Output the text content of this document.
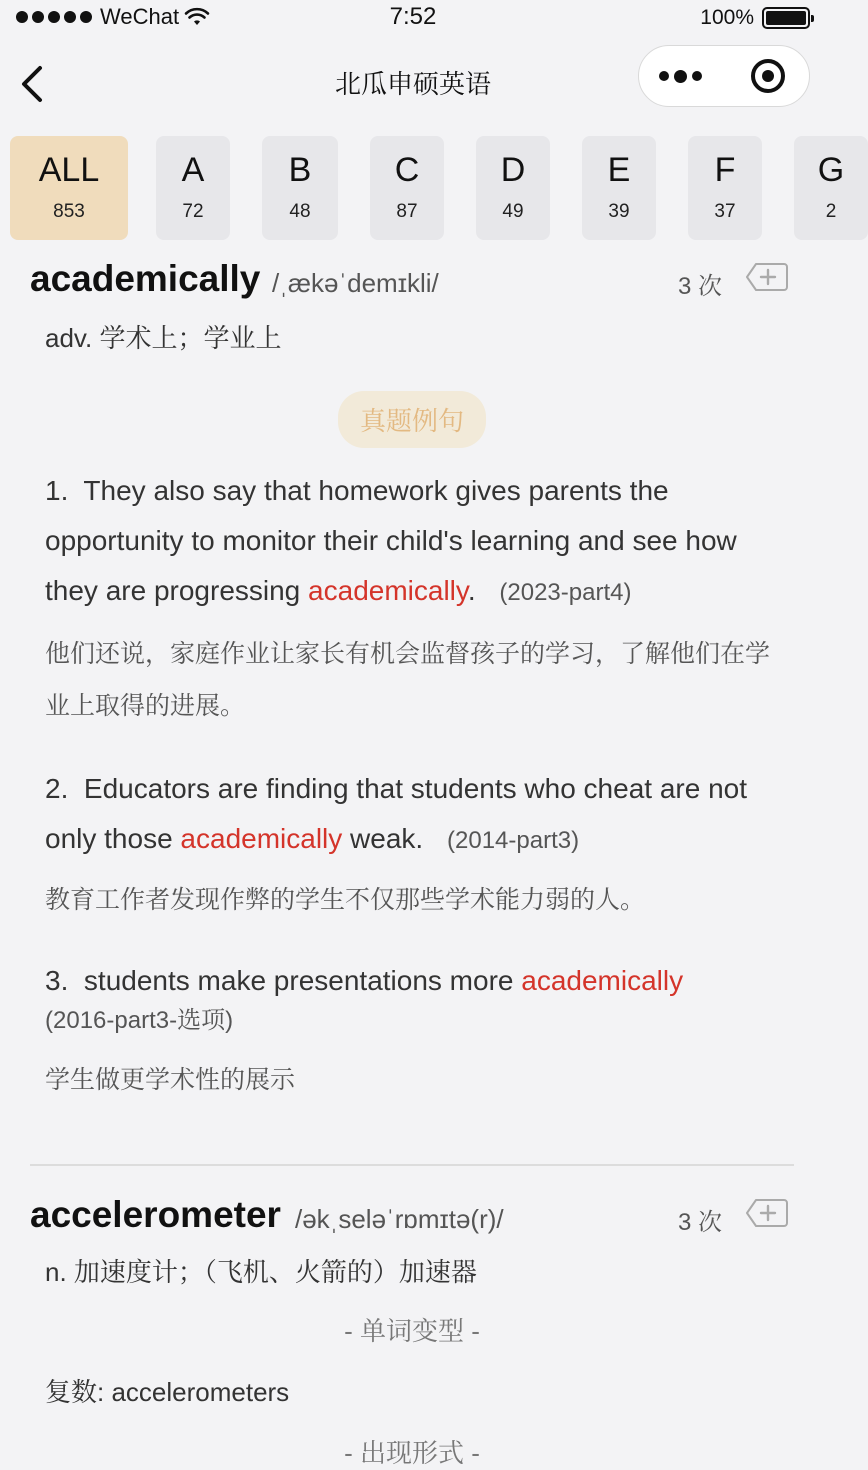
WeChat	7:52	100%
北瓜申硕英语
ALL
853
A
72
B
48
C
87
D
49
E
39
F
37
G
2
academically /ˌækəˈdemɪkli/	3 次
adv. 学术上；学业上
真题例句
1. They also say that homework gives parents the opportunity to monitor their child's learning and see how they are progressing academically. (2023-part4)
他们还说，家庭作业让家长有机会监督孩子的学习，了解他们在学业上取得的进展。
2. Educators are finding that students who cheat are not only those academically weak. (2014-part3)
教育工作者发现作弊的学生不仅那些学术能力弱的人。
3. students make presentations more academically
(2016-part3-选项)
学生做更学术性的展示
accelerometer /əkˌseləˈrɒmɪtə(r)/	3 次
n. 加速度计；（飞机、火箭的）加速器
- 单词变型 -
复数: accelerometers
- 出现形式 -
